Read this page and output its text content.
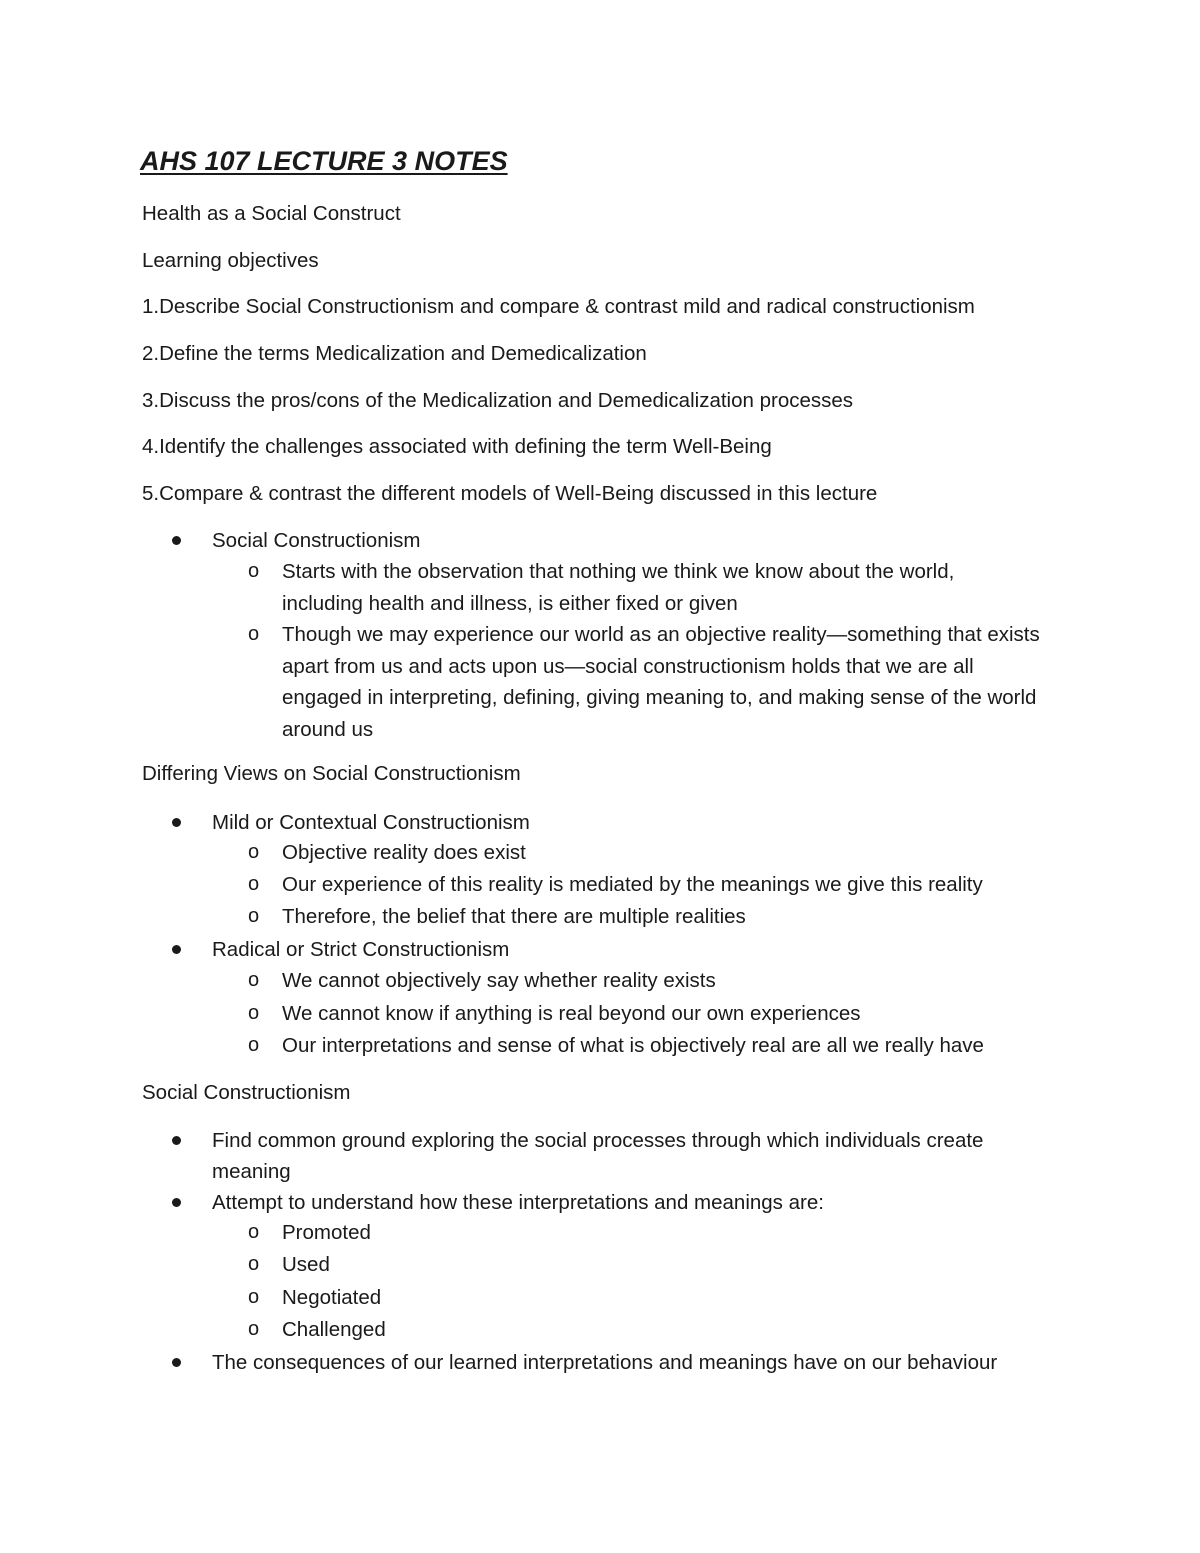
AHS 107 LECTURE 3 NOTES

Health as a Social Construct

Learning objectives

1.Describe Social Constructionism and compare & contrast mild and radical constructionism

2.Define the terms Medicalization and Demedicalization

3.Discuss the pros/cons of the Medicalization and Demedicalization processes

4.Identify the challenges associated with defining the term Well-Being

5.Compare & contrast the different models of Well-Being discussed in this lecture

Social Constructionism
o Starts with the observation that nothing we think we know about the world, including health and illness, is either fixed or given
o Though we may experience our world as an objective reality—something that exists apart from us and acts upon us—social constructionism holds that we are all engaged in interpreting, defining, giving meaning to, and making sense of the world around us

Differing Views on Social Constructionism

Mild or Contextual Constructionism
o Objective reality does exist
o Our experience of this reality is mediated by the meanings we give this reality
o Therefore, the belief that there are multiple realities
Radical or Strict Constructionism
o We cannot objectively say whether reality exists
o We cannot know if anything is real beyond our own experiences
o Our interpretations and sense of what is objectively real are all we really have

Social Constructionism

Find common ground exploring the social processes through which individuals create meaning
Attempt to understand how these interpretations and meanings are:
o Promoted
o Used
o Negotiated
o Challenged
The consequences of our learned interpretations and meanings have on our behaviour
